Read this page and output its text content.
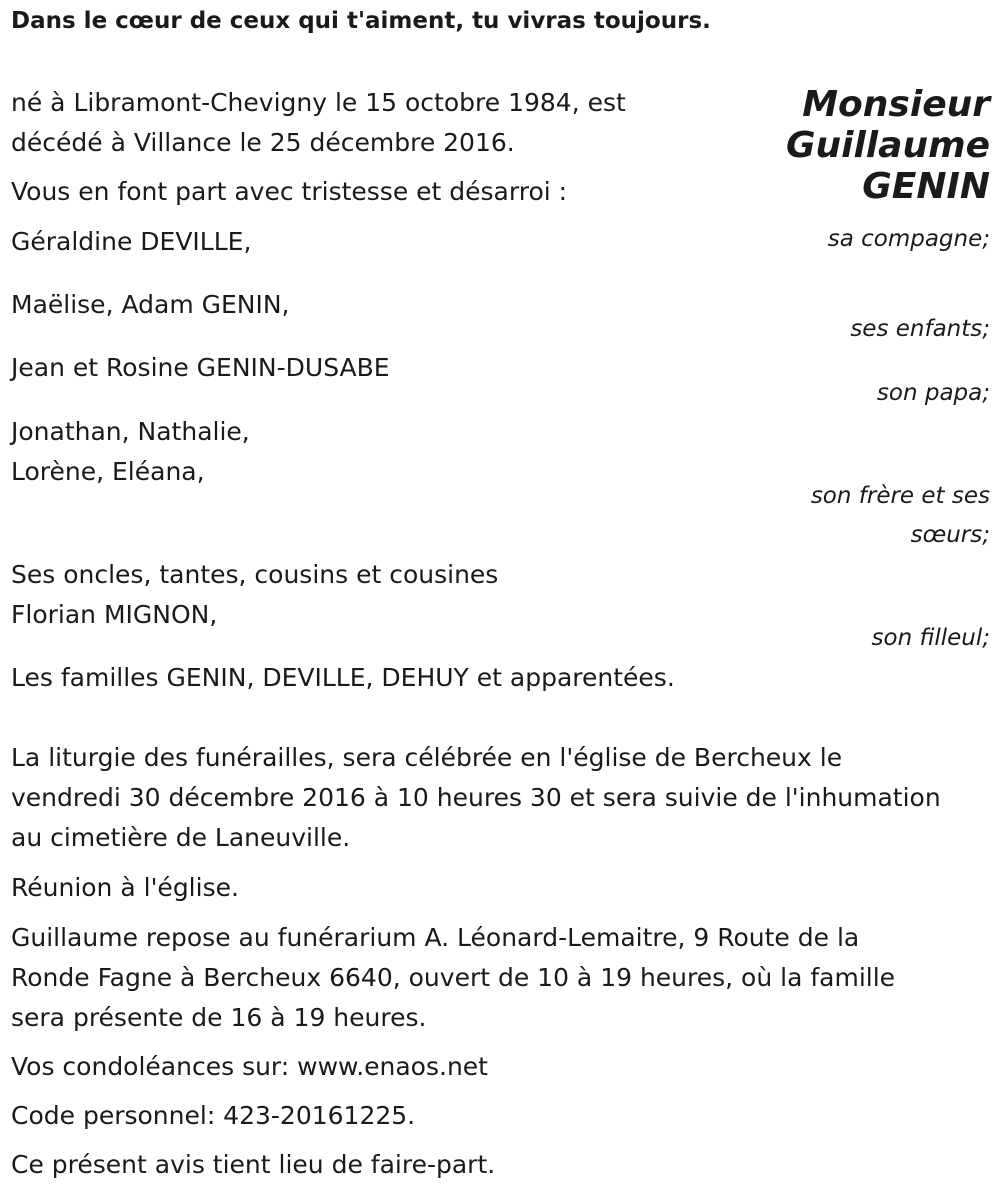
Dans le cœur de ceux qui t'aiment, tu vivras toujours.
Monsieur
Guillaume
GENIN
né à Libramont-Chevigny le 15 octobre 1984, est
décédé à Villance le 25 décembre 2016.
Vous en font part avec tristesse et désarroi :
Géraldine DEVILLE,	sa compagne;
Maëlise, Adam GENIN,
ses enfants;
Jean et Rosine GENIN-DUSABE
son papa;
Jonathan, Nathalie,
Lorène, Eléana,
son frère et ses
sœurs;
Ses oncles, tantes, cousins et cousines
Florian MIGNON,
son filleul;
Les familles GENIN, DEVILLE, DEHUY et apparentées.
La liturgie des funérailles, sera célébrée en l'église de Bercheux le
vendredi 30 décembre 2016 à 10 heures 30 et sera suivie de l'inhumation
au cimetière de Laneuville.
Réunion à l'église.
Guillaume repose au funérarium A. Léonard-Lemaitre, 9 Route de la
Ronde Fagne à Bercheux 6640, ouvert de 10 à 19 heures, où la famille
sera présente de 16 à 19 heures.
Vos condoléances sur: www.enaos.net
Code personnel: 423-20161225.
Ce présent avis tient lieu de faire-part.
